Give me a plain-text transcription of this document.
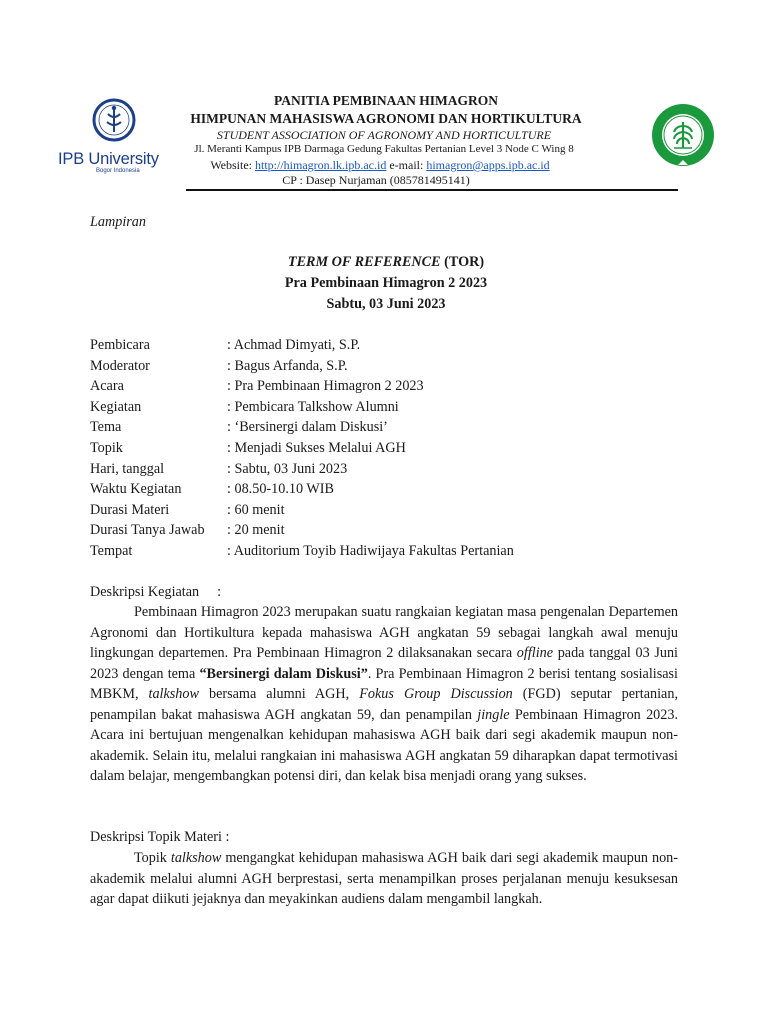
IPB University
Bogor Indonesia
PANITIA PEMBINAAN HIMAGRON
HIMPUNAN MAHASISWA AGRONOMI DAN HORTIKULTURA
STUDENT ASSOCIATION OF AGRONOMY AND HORTICULTURE
Jl. Meranti Kampus IPB Darmaga Gedung Fakultas Pertanian Level 3 Node C Wing 8
Website: http://himagron.lk.ipb.ac.id e-mail: himagron@apps.ipb.ac.id
CP : Dasep Nurjaman (085781495141)
Lampiran
TERM OF REFERENCE (TOR)
Pra Pembinaan Himagron 2 2023
Sabtu, 03 Juni 2023
Pembicara	: Achmad Dimyati, S.P.
Moderator	: Bagus Arfanda, S.P.
Acara	: Pra Pembinaan Himagron 2 2023
Kegiatan	: Pembicara Talkshow Alumni
Tema	: ‘Bersinergi dalam Diskusi’
Topik	: Menjadi Sukses Melalui AGH
Hari, tanggal	: Sabtu, 03 Juni 2023
Waktu Kegiatan	: 08.50-10.10 WIB
Durasi Materi	: 60 menit
Durasi Tanya Jawab : 20 menit
Tempat	: Auditorium Toyib Hadiwijaya Fakultas Pertanian
Deskripsi Kegiatan :

Pembinaan Himagron 2023 merupakan suatu rangkaian kegiatan masa pengenalan Departemen Agronomi dan Hortikultura kepada mahasiswa AGH angkatan 59 sebagai langkah awal menuju lingkungan departemen. Pra Pembinaan Himagron 2 dilaksanakan secara offline pada tanggal 03 Juni 2023 dengan tema “Bersinergi dalam Diskusi”. Pra Pembinaan Himagron 2 berisi tentang sosialisasi MBKM, talkshow bersama alumni AGH, Fokus Group Discussion (FGD) seputar pertanian, penampilan bakat mahasiswa AGH angkatan 59, dan penampilan jingle Pembinaan Himagron 2023. Acara ini bertujuan mengenalkan kehidupan mahasiswa AGH baik dari segi akademik maupun non-akademik. Selain itu, melalui rangkaian ini mahasiswa AGH angkatan 59 diharapkan dapat termotivasi dalam belajar, mengembangkan potensi diri, dan kelak bisa menjadi orang yang sukses.

Deskripsi Topik Materi :

Topik talkshow mengangkat kehidupan mahasiswa AGH baik dari segi akademik maupun non-akademik melalui alumni AGH berprestasi, serta menampilkan proses perjalanan menuju kesuksesan agar dapat diikuti jejaknya dan meyakinkan audiens dalam mengambil langkah.
